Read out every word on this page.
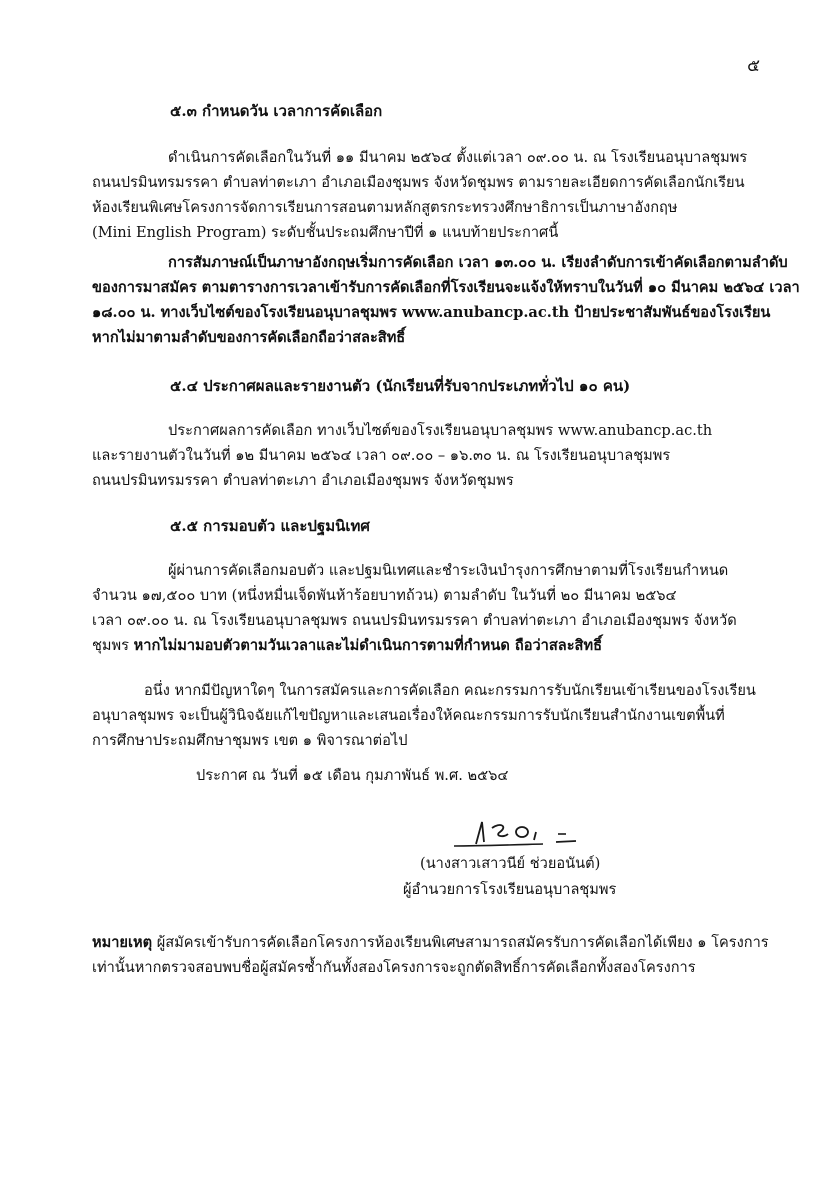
๕
๕.๓ กำหนดวัน เวลาการคัดเลือก
ดำเนินการคัดเลือกในวันที่ ๑๑ มีนาคม ๒๕๖๔ ตั้งแต่เวลา ๐๙.๐๐ น. ณ โรงเรียนอนุบาลชุมพร
ถนนปรมินทรมรรคา ตำบลท่าตะเภา อำเภอเมืองชุมพร จังหวัดชุมพร ตามรายละเอียดการคัดเลือกนักเรียน
ห้องเรียนพิเศษโครงการจัดการเรียนการสอนตามหลักสูตรกระทรวงศึกษาธิการเป็นภาษาอังกฤษ
(Mini English Program) ระดับชั้นประถมศึกษาปีที่ ๑ แนบท้ายประกาศนี้
การสัมภาษณ์เป็นภาษาอังกฤษเริ่มการคัดเลือก เวลา ๑๓.๐๐ น. เรียงลำดับการเข้าคัดเลือกตามลำดับ
ของการมาสมัคร ตามตารางการเวลาเข้ารับการคัดเลือกที่โรงเรียนจะแจ้งให้ทราบในวันที่ ๑๐ มีนาคม ๒๕๖๔ เวลา
๑๘.๐๐ น. ทางเว็บไซต์ของโรงเรียนอนุบาลชุมพร www.anubancp.ac.th ป้ายประชาสัมพันธ์ของโรงเรียน
หากไม่มาตามลำดับของการคัดเลือกถือว่าสละสิทธิ์
๕.๔ ประกาศผลและรายงานตัว (นักเรียนที่รับจากประเภททั่วไป ๑๐ คน)
ประกาศผลการคัดเลือก ทางเว็บไซต์ของโรงเรียนอนุบาลชุมพร www.anubancp.ac.th
และรายงานตัวในวันที่ ๑๒ มีนาคม ๒๕๖๔ เวลา ๐๙.๐๐ – ๑๖.๓๐ น. ณ โรงเรียนอนุบาลชุมพร
ถนนปรมินทรมรรคา ตำบลท่าตะเภา อำเภอเมืองชุมพร จังหวัดชุมพร
๕.๕ การมอบตัว และปฐมนิเทศ
ผู้ผ่านการคัดเลือกมอบตัว และปฐมนิเทศและชำระเงินบำรุงการศึกษาตามที่โรงเรียนกำหนด
จำนวน ๑๗,๕๐๐ บาท (หนึ่งหมื่นเจ็ดพันห้าร้อยบาทถ้วน) ตามลำดับ ในวันที่ ๒๐ มีนาคม ๒๕๖๔
เวลา ๐๙.๐๐ น. ณ โรงเรียนอนุบาลชุมพร ถนนปรมินทรมรรคา ตำบลท่าตะเภา อำเภอเมืองชุมพร จังหวัด
ชุมพร หากไม่มามอบตัวตามวันเวลาและไม่ดำเนินการตามที่กำหนด ถือว่าสละสิทธิ์
อนึ่ง หากมีปัญหาใดๆ ในการสมัครและการคัดเลือก คณะกรรมการรับนักเรียนเข้าเรียนของโรงเรียน
อนุบาลชุมพร จะเป็นผู้วินิจฉัยแก้ไขปัญหาและเสนอเรื่องให้คณะกรรมการรับนักเรียนสำนักงานเขตพื้นที่
การศึกษาประถมศึกษาชุมพร เขต ๑ พิจารณาต่อไป
ประกาศ ณ วันที่ ๑๕ เดือน กุมภาพันธ์ พ.ศ. ๒๕๖๔
(นางสาวเสาวนีย์ ช่วยอนันต์)
ผู้อำนวยการโรงเรียนอนุบาลชุมพร
หมายเหตุ ผู้สมัครเข้ารับการคัดเลือกโครงการห้องเรียนพิเศษสามารถสมัครรับการคัดเลือกได้เพียง ๑ โครงการ
เท่านั้นหากตรวจสอบพบชื่อผู้สมัครซ้ำกันทั้งสองโครงการจะถูกตัดสิทธิ์การคัดเลือกทั้งสองโครงการ
